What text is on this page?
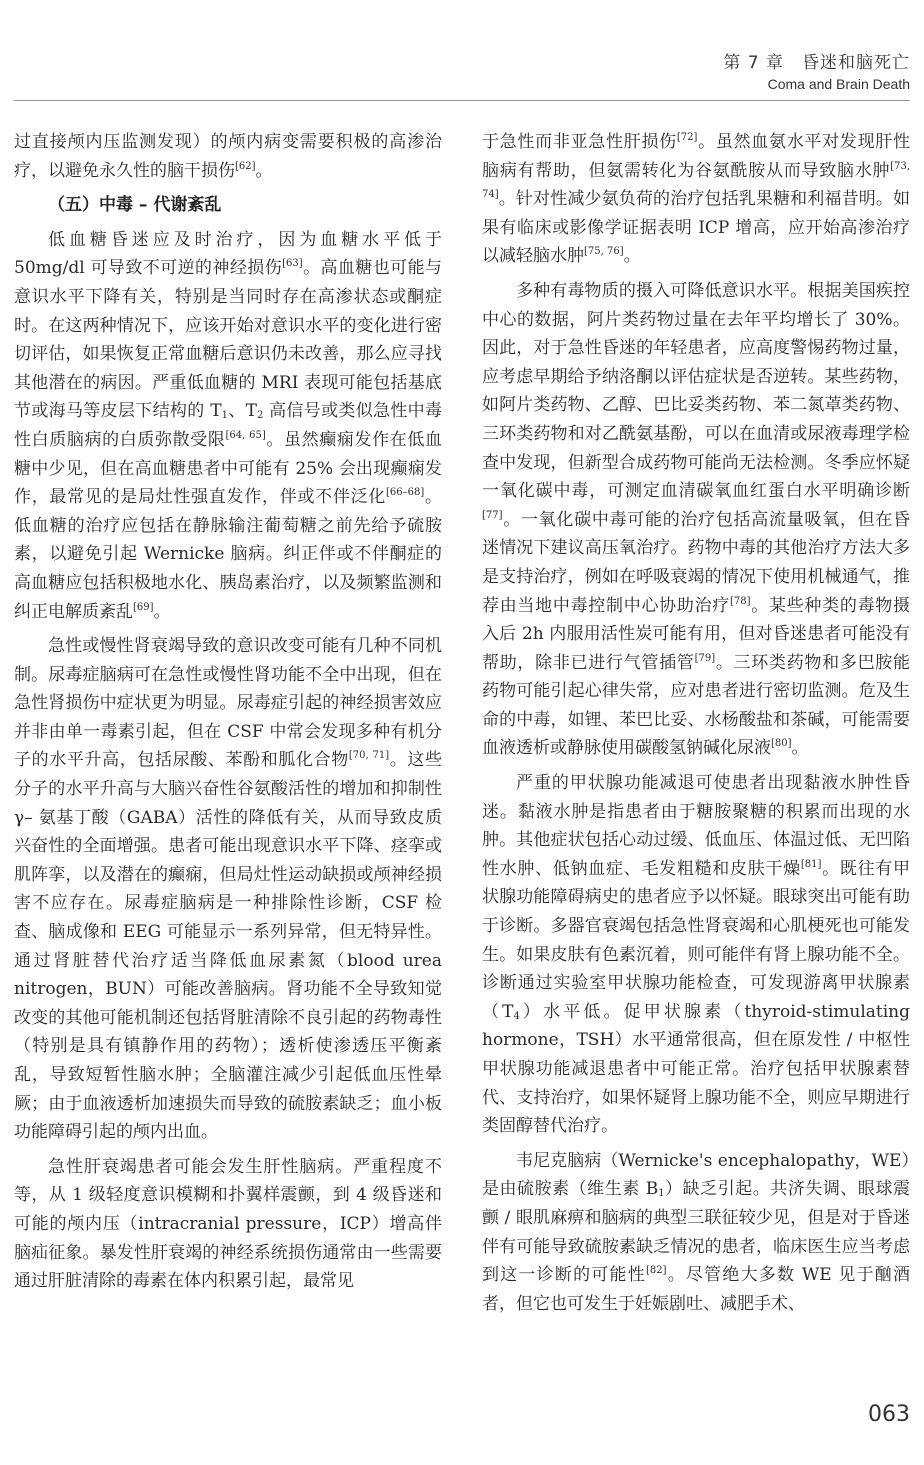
第 7 章　昏迷和脑死亡
Coma and Brain Death

过直接颅内压监测发现）的颅内病变需要积极的高渗治疗，以避免永久性的脑干损伤[62]。

（五）中毒 – 代谢紊乱

低血糖昏迷应及时治疗，因为血糖水平低于 50mg/dl 可导致不可逆的神经损伤[63]。高血糖也可能与意识水平下降有关，特别是当同时存在高渗状态或酮症时。在这两种情况下，应该开始对意识水平的变化进行密切评估，如果恢复正常血糖后意识仍未改善，那么应寻找其他潜在的病因。严重低血糖的 MRI 表现可能包括基底节或海马等皮层下结构的 $T_1$、$T_2$ 高信号或类似急性中毒性白质脑病的白质弥散受限[64, 65]。虽然癫痫发作在低血糖中少见，但在高血糖患者中可能有 25% 会出现癫痫发作，最常见的是局灶性强直发作，伴或不伴泛化[66–68]。低血糖的治疗应包括在静脉输注葡萄糖之前先给予硫胺素，以避免引起 Wernicke 脑病。纠正伴或不伴酮症的高血糖应包括积极地水化、胰岛素治疗，以及频繁监测和纠正电解质紊乱[69]。

急性或慢性肾衰竭导致的意识改变可能有几种不同机制。尿毒症脑病可在急性或慢性肾功能不全中出现，但在急性肾损伤中症状更为明显。尿毒症引起的神经损害效应并非由单一毒素引起，但在 CSF 中常会发现多种有机分子的水平升高，包括尿酸、苯酚和胍化合物[70, 71]。这些分子的水平升高与大脑兴奋性谷氨酸活性的增加和抑制性 γ– 氨基丁酸（GABA）活性的降低有关，从而导致皮质兴奋性的全面增强。患者可能出现意识水平下降、痉挛或肌阵挛，以及潜在的癫痫，但局灶性运动缺损或颅神经损害不应存在。尿毒症脑病是一种排除性诊断，CSF 检查、脑成像和 EEG 可能显示一系列异常，但无特异性。通过肾脏替代治疗适当降低血尿素氮（blood urea nitrogen，BUN）可能改善脑病。肾功能不全导致知觉改变的其他可能机制还包括肾脏清除不良引起的药物毒性（特别是具有镇静作用的药物）；透析使渗透压平衡紊乱，导致短暂性脑水肿；全脑灌注减少引起低血压性晕厥；由于血液透析加速损失而导致的硫胺素缺乏；血小板功能障碍引起的颅内出血。

急性肝衰竭患者可能会发生肝性脑病。严重程度不等，从 1 级轻度意识模糊和扑翼样震颤，到 4 级昏迷和可能的颅内压（intracranial pressure，ICP）增高伴脑疝征象。暴发性肝衰竭的神经系统损伤通常由一些需要通过肝脏清除的毒素在体内积累引起，最常见

于急性而非亚急性肝损伤[72]。虽然血氨水平对发现肝性脑病有帮助，但氨需转化为谷氨酰胺从而导致脑水肿[73, 74]。针对性减少氨负荷的治疗包括乳果糖和利福昔明。如果有临床或影像学证据表明 ICP 增高，应开始高渗治疗以减轻脑水肿[75, 76]。

多种有毒物质的摄入可降低意识水平。根据美国疾控中心的数据，阿片类药物过量在去年平均增长了 30%。因此，对于急性昏迷的年轻患者，应高度警惕药物过量，应考虑早期给予纳洛酮以评估症状是否逆转。某些药物，如阿片类药物、乙醇、巴比妥类药物、苯二氮䓬类药物、三环类药物和对乙酰氨基酚，可以在血清或尿液毒理学检查中发现，但新型合成药物可能尚无法检测。冬季应怀疑一氧化碳中毒，可测定血清碳氧血红蛋白水平明确诊断[77]。一氧化碳中毒可能的治疗包括高流量吸氧，但在昏迷情况下建议高压氧治疗。药物中毒的其他治疗方法大多是支持治疗，例如在呼吸衰竭的情况下使用机械通气，推荐由当地中毒控制中心协助治疗[78]。某些种类的毒物摄入后 2h 内服用活性炭可能有用，但对昏迷患者可能没有帮助，除非已进行气管插管[79]。三环类药物和多巴胺能药物可能引起心律失常，应对患者进行密切监测。危及生命的中毒，如锂、苯巴比妥、水杨酸盐和茶碱，可能需要血液透析或静脉使用碳酸氢钠碱化尿液[80]。

严重的甲状腺功能减退可使患者出现黏液水肿性昏迷。黏液水肿是指患者由于糖胺聚糖的积累而出现的水肿。其他症状包括心动过缓、低血压、体温过低、无凹陷性水肿、低钠血症、毛发粗糙和皮肤干燥[81]。既往有甲状腺功能障碍病史的患者应予以怀疑。眼球突出可能有助于诊断。多器官衰竭包括急性肾衰竭和心肌梗死也可能发生。如果皮肤有色素沉着，则可能伴有肾上腺功能不全。诊断通过实验室甲状腺功能检查，可发现游离甲状腺素$(T_4)$水平低。促甲状腺素（thyroid-stimulating hormone，TSH）水平通常很高，但在原发性 / 中枢性甲状腺功能减退患者中可能正常。治疗包括甲状腺素替代、支持治疗，如果怀疑肾上腺功能不全，则应早期进行类固醇替代治疗。

韦尼克脑病（Wernicke's encephalopathy，WE）是由硫胺素（维生素 $B_1$）缺乏引起。共济失调、眼球震颤 / 眼肌麻痹和脑病的典型三联征较少见，但是对于昏迷伴有可能导致硫胺素缺乏情况的患者，临床医生应当考虑到这一诊断的可能性[82]。尽管绝大多数 WE 见于酗酒者，但它也可发生于妊娠剧吐、减肥手术、

063
